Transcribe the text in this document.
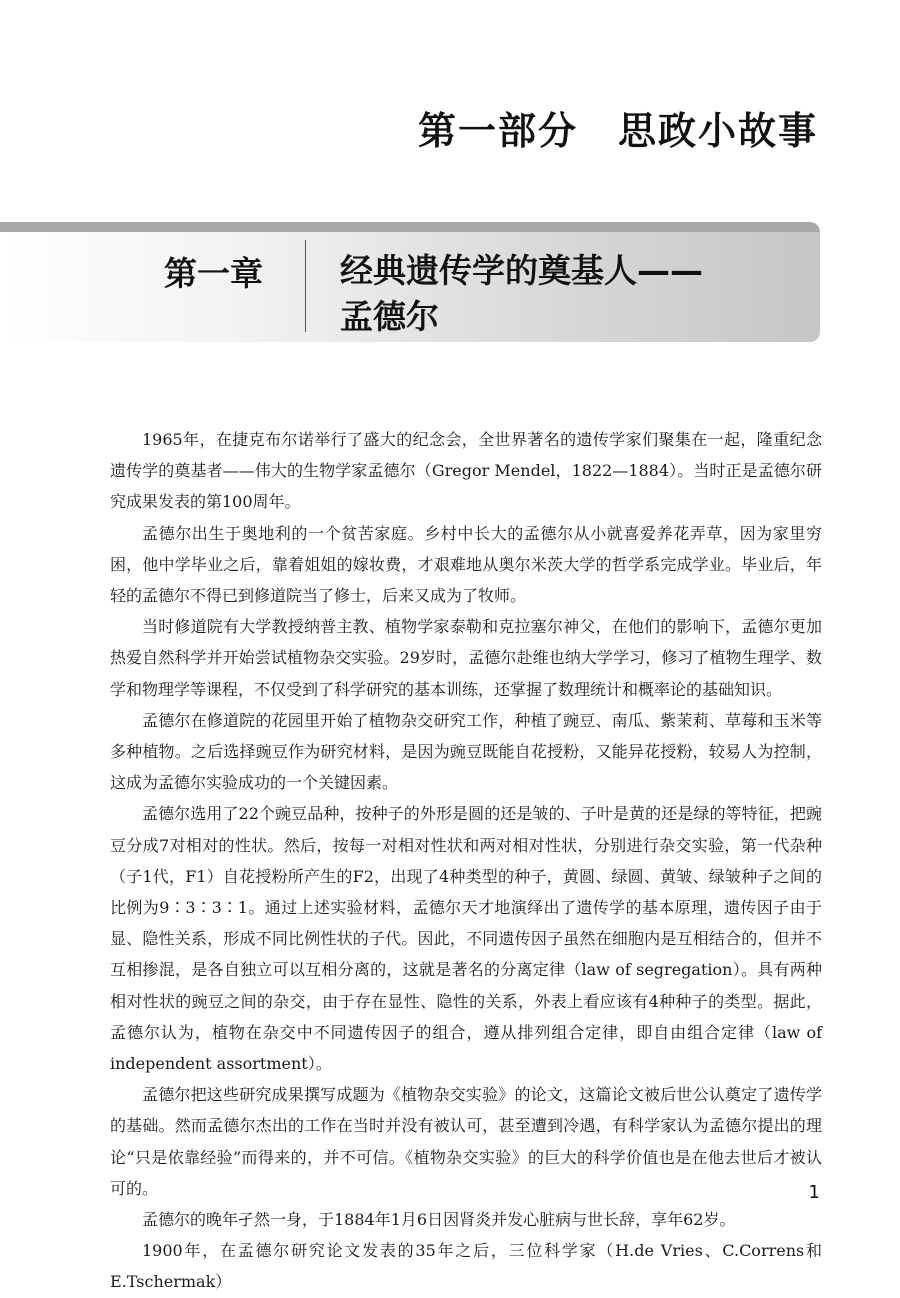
第一部分　思政小故事
第一章 经典遗传学的奠基人——
孟德尔

1965年，在捷克布尔诺举行了盛大的纪念会，全世界著名的遗传学家们聚集在一起，隆重纪念遗传学的奠基者——伟大的生物学家孟德尔（Gregor Mendel，1822—1884）。当时正是孟德尔研究成果发表的第100周年。

孟德尔出生于奥地利的一个贫苦家庭。乡村中长大的孟德尔从小就喜爱养花弄草，因为家里穷困，他中学毕业之后，靠着姐姐的嫁妆费，才艰难地从奥尔米茨大学的哲学系完成学业。毕业后，年轻的孟德尔不得已到修道院当了修士，后来又成为了牧师。

当时修道院有大学教授纳普主教、植物学家泰勒和克拉塞尔神父，在他们的影响下，孟德尔更加热爱自然科学并开始尝试植物杂交实验。29岁时，孟德尔赴维也纳大学学习，修习了植物生理学、数学和物理学等课程，不仅受到了科学研究的基本训练，还掌握了数理统计和概率论的基础知识。

孟德尔在修道院的花园里开始了植物杂交研究工作，种植了豌豆、南瓜、紫茉莉、草莓和玉米等多种植物。之后选择豌豆作为研究材料，是因为豌豆既能自花授粉，又能异花授粉，较易人为控制，这成为孟德尔实验成功的一个关键因素。

孟德尔选用了22个豌豆品种，按种子的外形是圆的还是皱的、子叶是黄的还是绿的等特征，把豌豆分成7对相对的性状。然后，按每一对相对性状和两对相对性状，分别进行杂交实验，第一代杂种（子1代，F1）自花授粉所产生的F2，出现了4种类型的种子，黄圆、绿圆、黄皱、绿皱种子之间的比例为9∶3∶3∶1。通过上述实验材料，孟德尔天才地演绎出了遗传学的基本原理，遗传因子由于显、隐性关系，形成不同比例性状的子代。因此，不同遗传因子虽然在细胞内是互相结合的，但并不互相掺混，是各自独立可以互相分离的，这就是著名的分离定律（law of segregation）。具有两种相对性状的豌豆之间的杂交，由于存在显性、隐性的关系，外表上看应该有4种种子的类型。据此，孟德尔认为，植物在杂交中不同遗传因子的组合，遵从排列组合定律，即自由组合定律（law of independent assortment）。

孟德尔把这些研究成果撰写成题为《植物杂交实验》的论文，这篇论文被后世公认奠定了遗传学的基础。然而孟德尔杰出的工作在当时并没有被认可，甚至遭到冷遇，有科学家认为孟德尔提出的理论“只是依靠经验”而得来的，并不可信。《植物杂交实验》的巨大的科学价值也是在他去世后才被认可的。

孟德尔的晚年孑然一身，于1884年1月6日因肾炎并发心脏病与世长辞，享年62岁。

1900年，在孟德尔研究论文发表的35年之后，三位科学家（H.de Vries、C.Correns和E.Tschermak）

1
